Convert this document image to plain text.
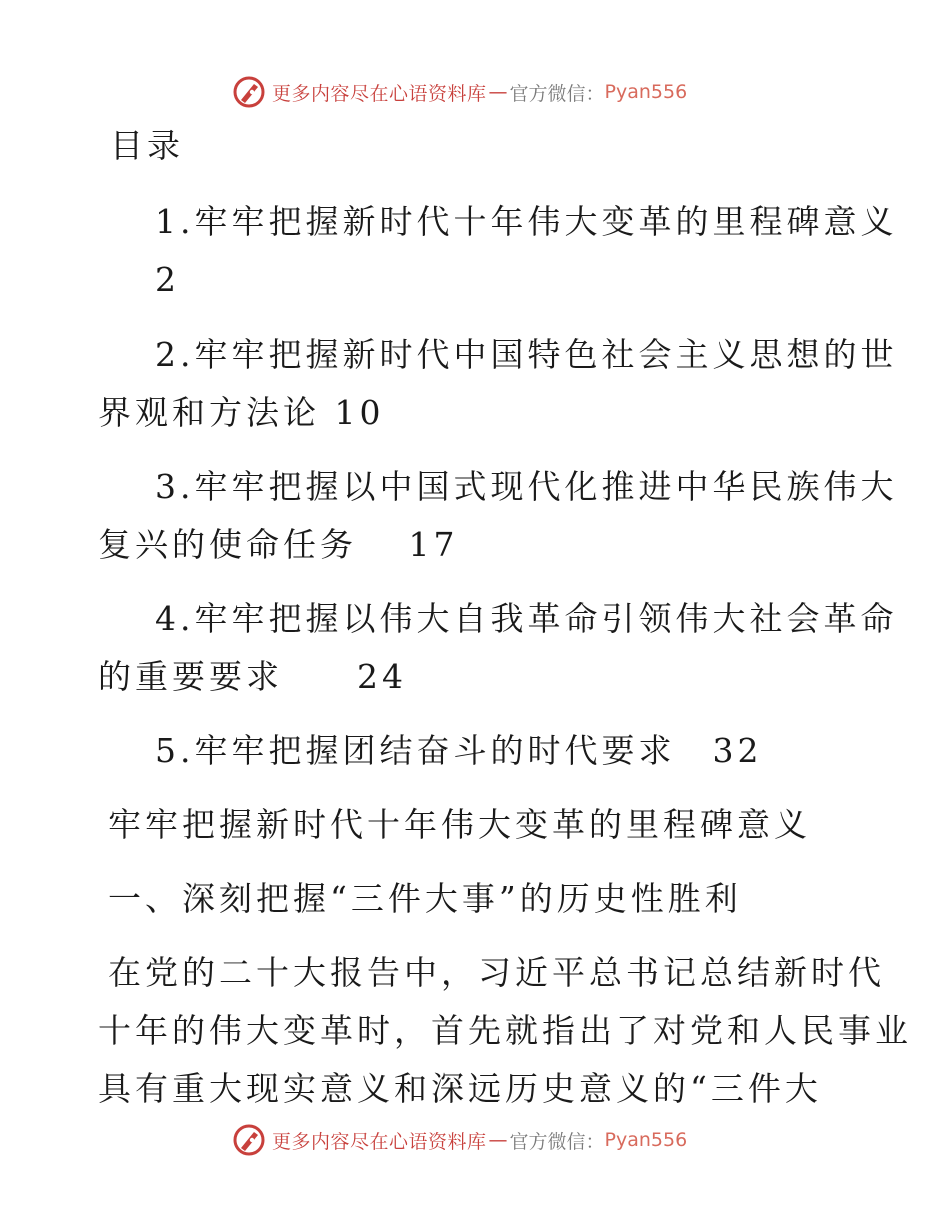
更多内容尽在心语资料库 — 官方微信： Pyan556
目录
1.牢牢把握新时代十年伟大变革的里程碑意义
2
2.牢牢把握新时代中国特色社会主义思想的世
界观和方法论 10
3.牢牢把握以中国式现代化推进中华民族伟大
复兴的使命任务　 17
4.牢牢把握以伟大自我革命引领伟大社会革命
的重要要求　　24
5.牢牢把握团结奋斗的时代要求　32
牢牢把握新时代十年伟大变革的里程碑意义
一、深刻把握“三件大事”的历史性胜利
在党的二十大报告中，习近平总书记总结新时代
十年的伟大变革时，首先就指出了对党和人民事业
具有重大现实意义和深远历史意义的“三件大
更多内容尽在心语资料库 — 官方微信： Pyan556
